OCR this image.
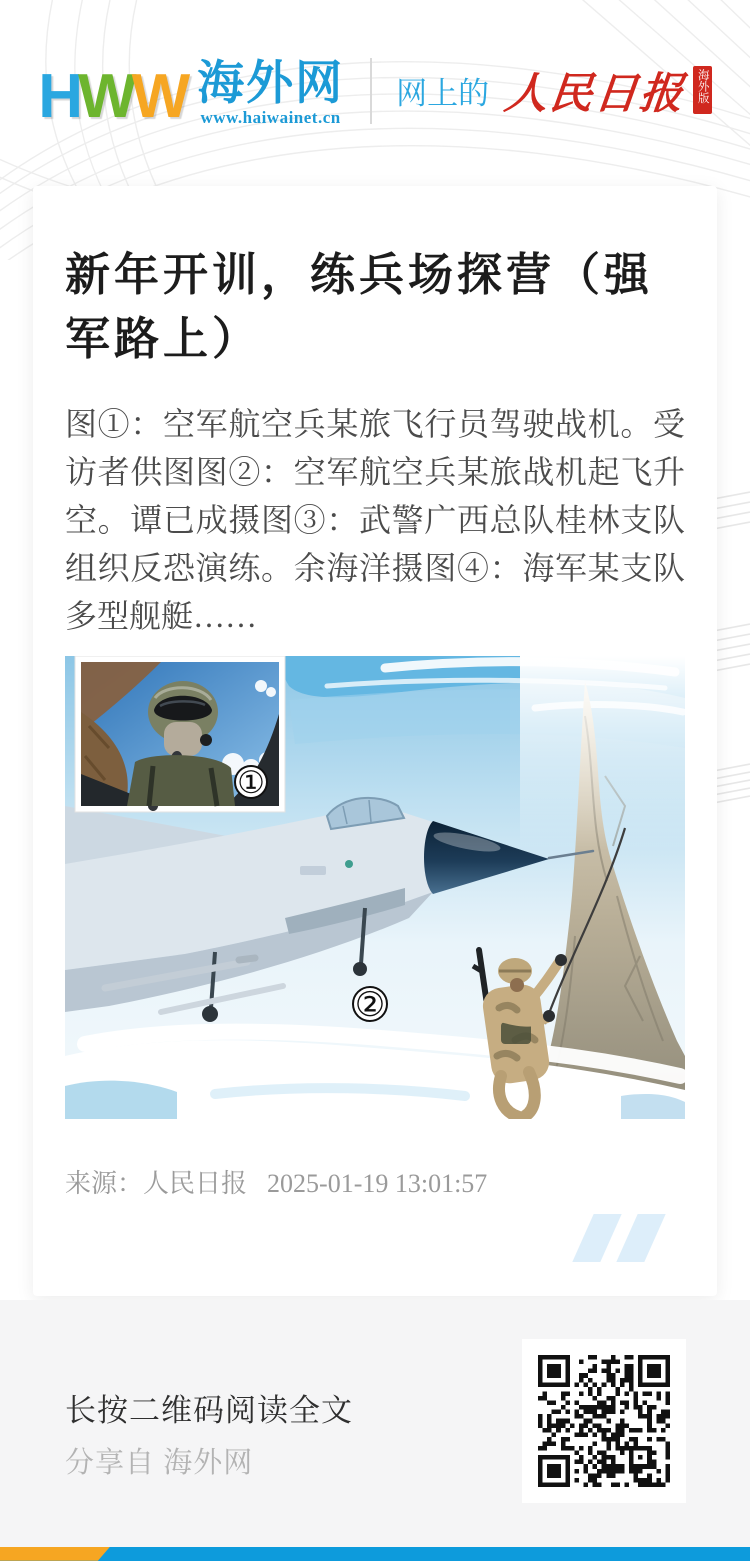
H W W 海外网
www.haiwainet.cn
网上的 人民日报 海外版
新年开训，练兵场探营（强军路上）

图①：空军航空兵某旅飞行员驾驶战机。受访者供图图②：空军航空兵某旅战机起飞升空。谭已成摄图③：武警广西总队桂林支队组织反恐演练。余海洋摄图④：海军某支队多型舰艇……

②
①
来源： 人民日报 2025-01-19 13:01:57
长按二维码阅读全文
分享自 海外网
